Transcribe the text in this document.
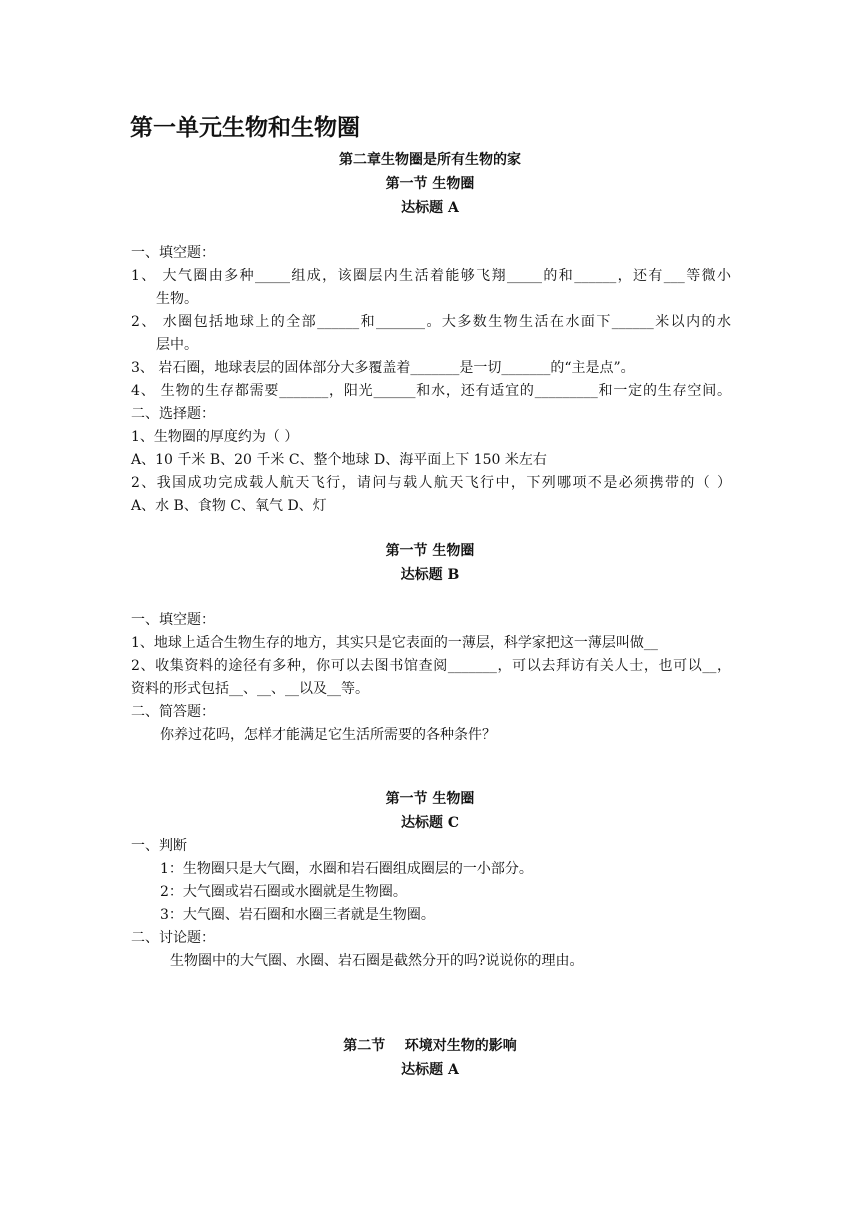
第一单元生物和生物圈
第二章生物圈是所有生物的家
第一节 生物圈
达标题 A
一、填空题：
1、 大气圈由多种_____组成，该圈层内生活着能够飞翔_____的和______，还有___等微小
生物。
2、 水圈包括地球上的全部______和_______。大多数生物生活在水面下______米以内的水
层中。
3、 岩石圈，地球表层的固体部分大多覆盖着_______是一切_______的“主是点”。
4、 生物的生存都需要_______，阳光______和水，还有适宜的_________和一定的生存空间。
二、选择题：
1、生物圈的厚度约为（ ）
A、10 千米 B、20 千米 C、整个地球 D、海平面上下 150 米左右
2、我国成功完成载人航天飞行，请问与载人航天飞行中，下列哪项不是必须携带的（ ）
A、水 B、食物 C、氧气 D、灯
第一节 生物圈
达标题 B
一、填空题：
1、地球上适合生物生存的地方，其实只是它表面的一薄层，科学家把这一薄层叫做__
2、收集资料的途径有多种，你可以去图书馆查阅_______，可以去拜访有关人士，也可以__，
资料的形式包括__、__、__以及__等。
二、简答题：
你养过花吗，怎样才能满足它生活所需要的各种条件？
第一节 生物圈
达标题 C
一、判断
1：生物圈只是大气圈，水圈和岩石圈组成圈层的一小部分。
2：大气圈或岩石圈或水圈就是生物圈。
3：大气圈、岩石圈和水圈三者就是生物圈。
二、讨论题：
生物圈中的大气圈、水圈、岩石圈是截然分开的吗?说说你的理由。
第二节    环境对生物的影响
达标题 A
